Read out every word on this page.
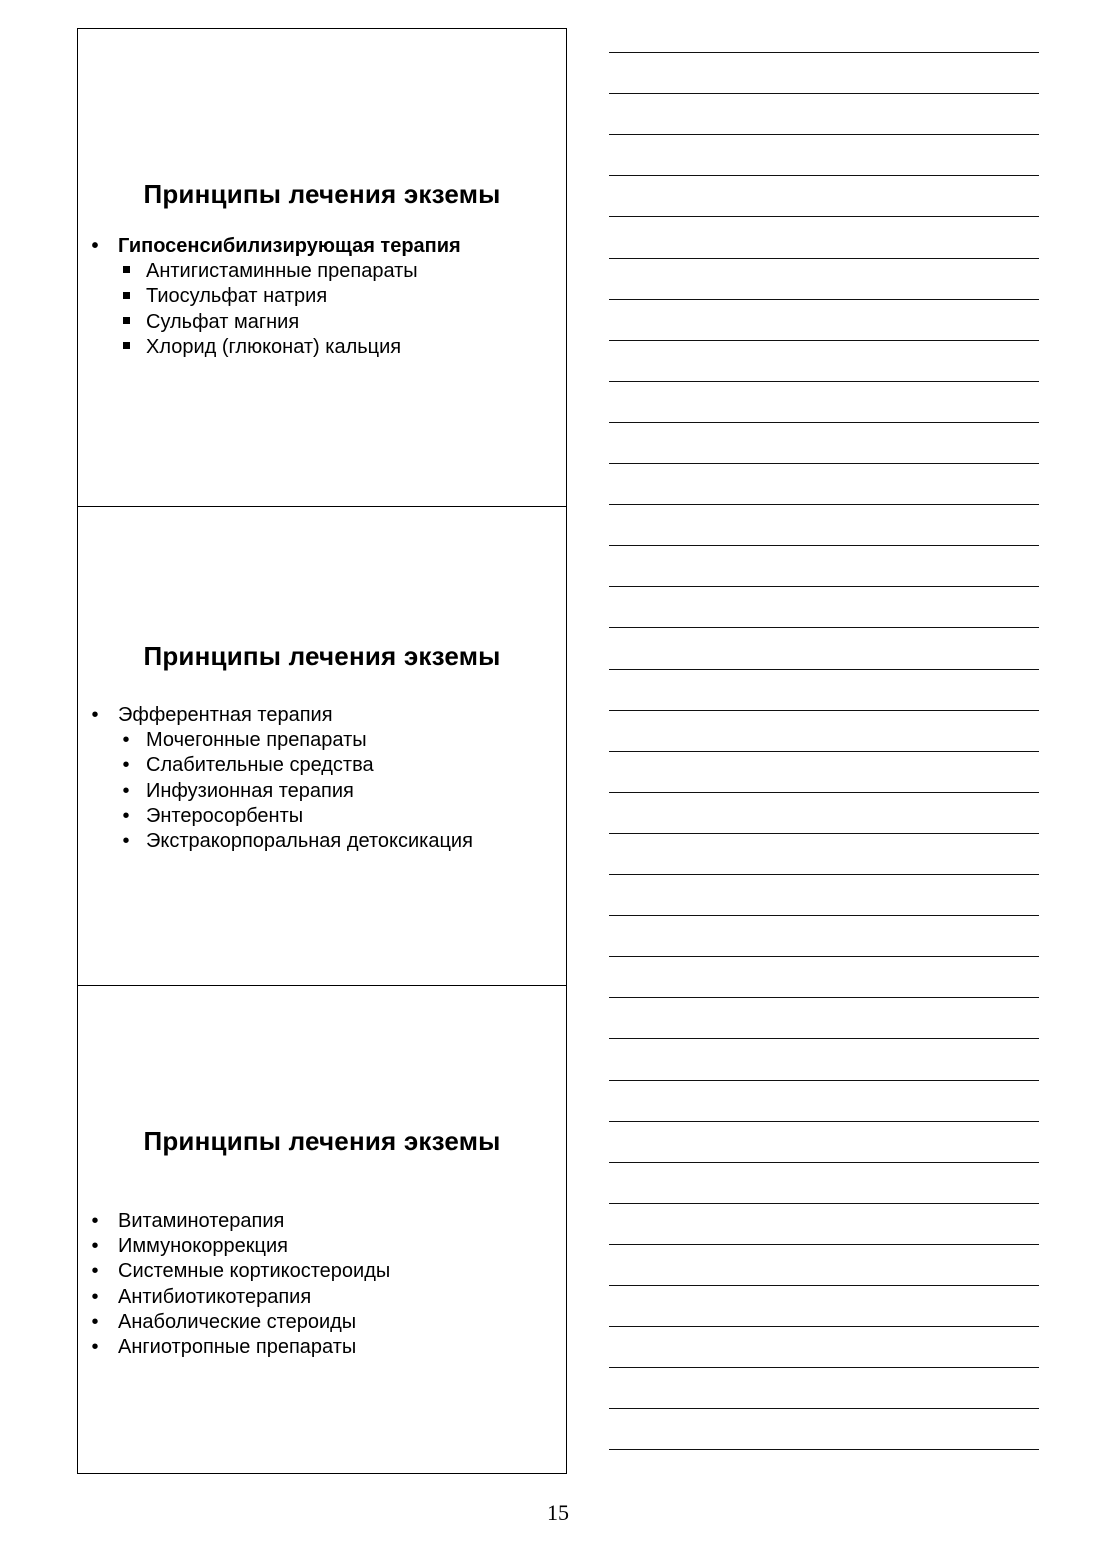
Принципы лечения экземы
• Гипосенсибилизирующая терапия
Антигистаминные препараты
Тиосульфат натрия
Сульфат магния
Хлорид (глюконат) кальция
Принципы лечения экземы
• Эфферентная терапия
• Мочегонные препараты
• Слабительные средства
• Инфузионная терапия
• Энтеросорбенты
• Экстракорпоральная детоксикация
Принципы лечения экземы
• Витаминотерапия
• Иммунокоррекция
• Системные кортикостероиды
• Антибиотикотерапия
• Анаболические стероиды
• Ангиотропные препараты
15
